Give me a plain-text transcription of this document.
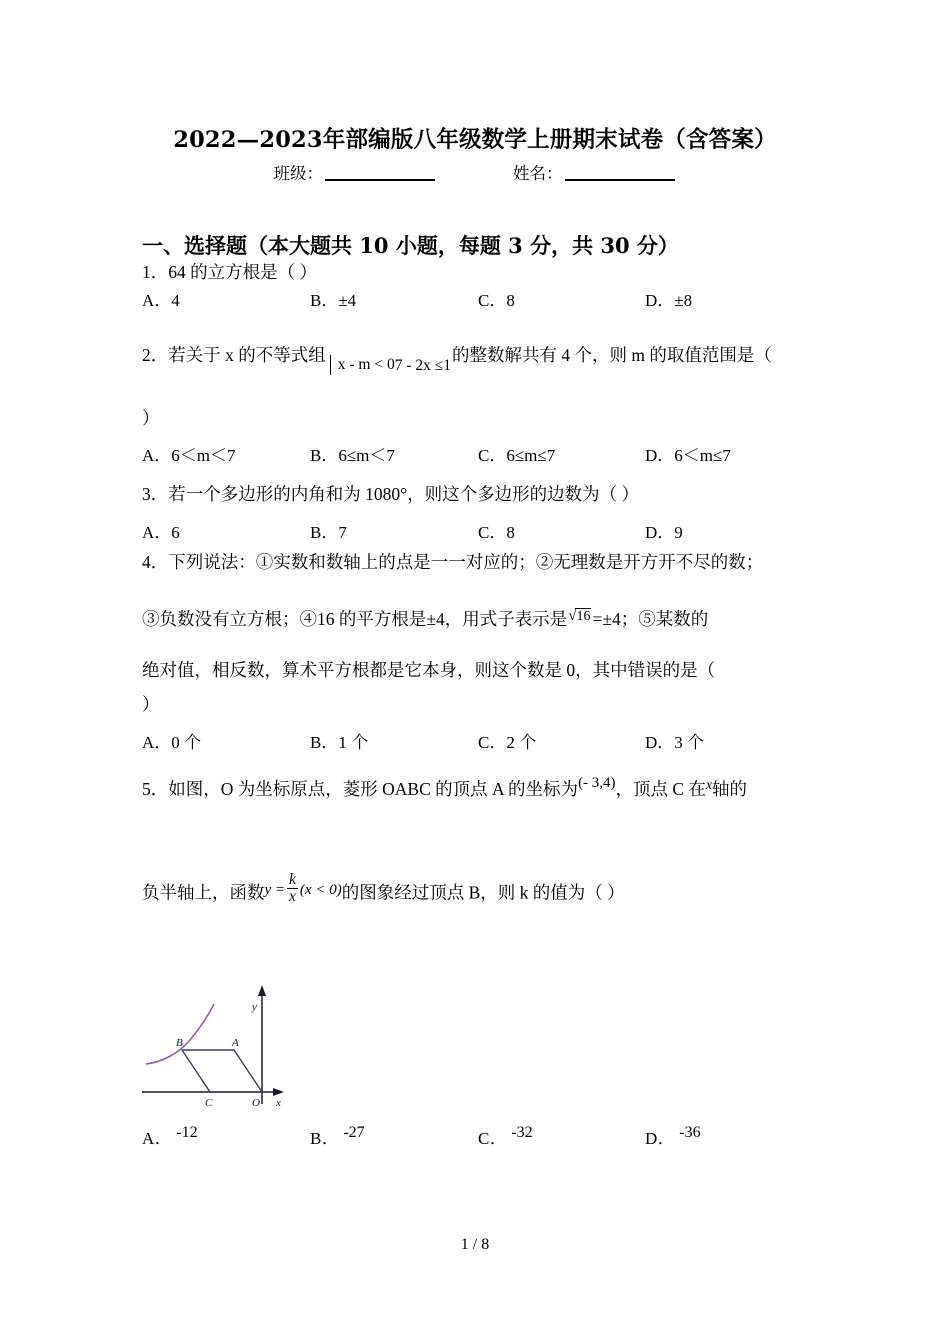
2022—2023年部编版八年级数学上册期末试卷（含答案）
班级：	姓名：
一、选择题（本大题共 10 小题，每题 3 分，共 30 分）
1．64 的立方根是（ ）
A．4	B．±4	C．8	D．±8
2．若关于 x 的不等式组 x - m < 07 - 2x ≤1的整数解共有 4 个，则 m 的取值范围是（
）
A．6＜m＜7	B．6≤m＜7	C．6≤m≤7	D．6＜m≤7
3．若一个多边形的内角和为 1080°，则这个多边形的边数为（ ）
A．6	B．7	C．8	D．9
4．下列说法：①实数和数轴上的点是一一对应的；②无理数是开方开不尽的数；
③负数没有立方根；④16 的平方根是±4，用式子表示是√16 =±4；⑤某数的
绝对值，相反数，算术平方根都是它本身，则这个数是 0，其中错误的是（
）
A．0 个	B．1 个	C．2 个	D．3 个
5．如图，O 为坐标原点，菱形 OABC 的顶点 A 的坐标为(- 3,4)，顶点 C 在x轴的
负半轴上，函数$y = \frac{k}{x} (x < 0)$的图象经过顶点 B，则 k 的值为（ ）
B	A
C	O
y
x
A． -12	B． -27	C． -32	D． -36
1 / 8
